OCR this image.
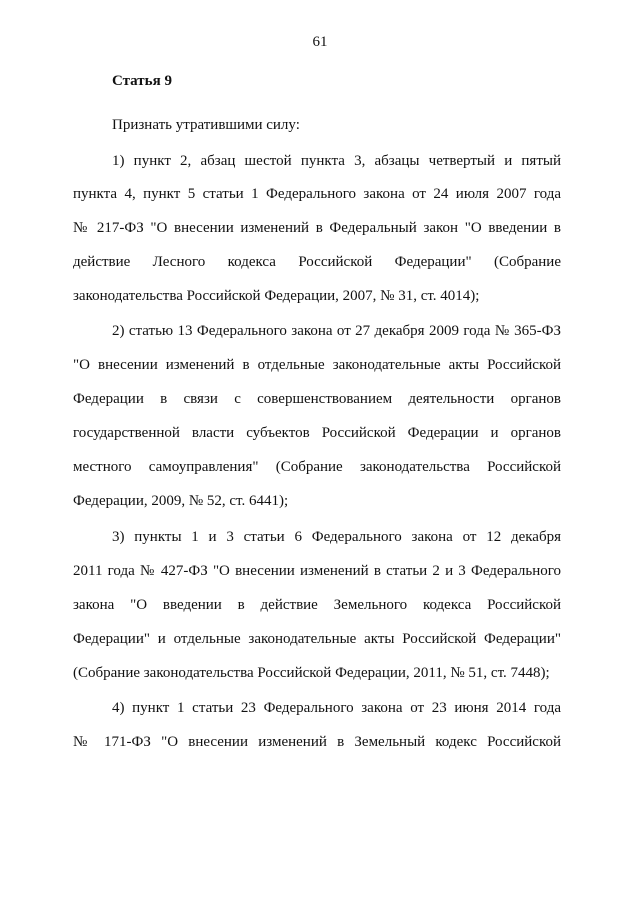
61
Статья 9
Признать утратившими силу:
1) пункт 2, абзац шестой пункта 3, абзацы четвертый и пятый
пункта 4, пункт 5 статьи 1 Федерального закона от 24 июля 2007 года
№ 217-ФЗ "О внесении изменений в Федеральный закон "О введении в
действие Лесного кодекса Российской Федерации" (Собрание
законодательства Российской Федерации, 2007, № 31, ст. 4014);
2) статью 13 Федерального закона от 27 декабря 2009 года № 365-ФЗ
"О внесении изменений в отдельные законодательные акты Российской
Федерации в связи с совершенствованием деятельности органов
государственной власти субъектов Российской Федерации и органов
местного самоуправления" (Собрание законодательства Российской
Федерации, 2009, № 52, ст. 6441);
3) пункты 1 и 3 статьи 6 Федерального закона от 12 декабря
2011 года № 427-ФЗ "О внесении изменений в статьи 2 и 3 Федерального
закона "О введении в действие Земельного кодекса Российской
Федерации" и отдельные законодательные акты Российской Федерации"
(Собрание законодательства Российской Федерации, 2011, № 51, ст. 7448);
4) пункт 1 статьи 23 Федерального закона от 23 июня 2014 года
№ 171-ФЗ "О внесении изменений в Земельный кодекс Российской
